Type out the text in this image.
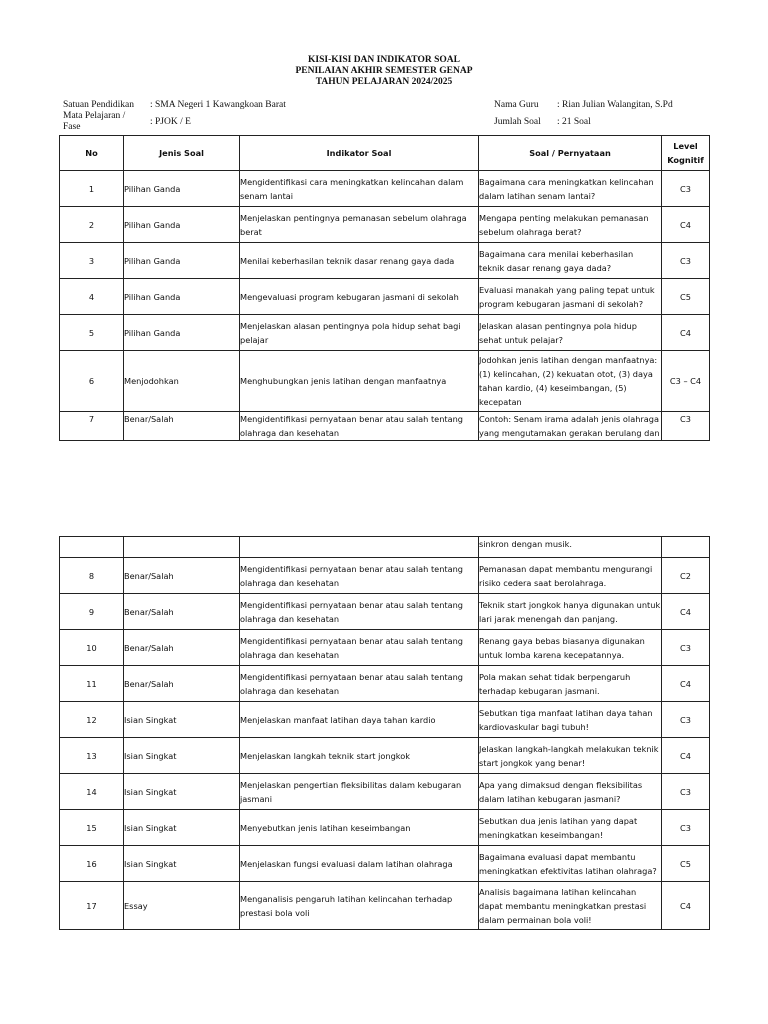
KISI-KISI DAN INDIKATOR SOAL
PENILAIAN AKHIR SEMESTER GENAP
TAHUN PELAJARAN 2024/2025
Satuan Pendidikan : SMA Negeri 1 Kawangkoan Barat
Mata Pelajaran /
Fase	: PJOK / E
Nama Guru : Rian Julian Walangitan, S.Pd
Jumlah Soal : 21 Soal
No	Jenis Soal	Indikator Soal	Soal / Pernyataan	Level
Kognitif

1	Pilihan Ganda	Mengidentifikasi cara meningkatkan kelincahan dalam senam lantai	Bagaimana cara meningkatkan kelincahan dalam latihan senam lantai?	C3
2	Pilihan Ganda	Menjelaskan pentingnya pemanasan sebelum olahraga berat	Mengapa penting melakukan pemanasan sebelum olahraga berat?	C4
3	Pilihan Ganda	Menilai keberhasilan teknik dasar renang gaya dada	Bagaimana cara menilai keberhasilan teknik dasar renang gaya dada?	C3
4	Pilihan Ganda	Mengevaluasi program kebugaran jasmani di sekolah	Evaluasi manakah yang paling tepat untuk program kebugaran jasmani di sekolah?	C5
5	Pilihan Ganda	Menjelaskan alasan pentingnya pola hidup sehat bagi pelajar	Jelaskan alasan pentingnya pola hidup sehat untuk pelajar?	C4
6	Menjodohkan	Menghubungkan jenis latihan dengan manfaatnya	Jodohkan jenis latihan dengan manfaatnya: (1) kelincahan, (2) kekuatan otot, (3) daya tahan kardio, (4) keseimbangan, (5) kecepatan	C3 – C4
7	Benar/Salah	Mengidentifikasi pernyataan benar atau salah tentang olahraga dan kesehatan	Contoh: Senam irama adalah jenis olahraga yang mengutamakan gerakan berulang dan	C3
			sinkron dengan musik.	
8	Benar/Salah	Mengidentifikasi pernyataan benar atau salah tentang olahraga dan kesehatan	Pemanasan dapat membantu mengurangi risiko cedera saat berolahraga.	C2
9	Benar/Salah	Mengidentifikasi pernyataan benar atau salah tentang olahraga dan kesehatan	Teknik start jongkok hanya digunakan untuk lari jarak menengah dan panjang.	C4
10	Benar/Salah	Mengidentifikasi pernyataan benar atau salah tentang olahraga dan kesehatan	Renang gaya bebas biasanya digunakan untuk lomba karena kecepatannya.	C3
11	Benar/Salah	Mengidentifikasi pernyataan benar atau salah tentang olahraga dan kesehatan	Pola makan sehat tidak berpengaruh terhadap kebugaran jasmani.	C4
12	Isian Singkat	Menjelaskan manfaat latihan daya tahan kardio	Sebutkan tiga manfaat latihan daya tahan kardiovaskular bagi tubuh!	C3
13	Isian Singkat	Menjelaskan langkah teknik start jongkok	Jelaskan langkah-langkah melakukan teknik start jongkok yang benar!	C4
14	Isian Singkat	Menjelaskan pengertian fleksibilitas dalam kebugaran jasmani	Apa yang dimaksud dengan fleksibilitas dalam latihan kebugaran jasmani?	C3
15	Isian Singkat	Menyebutkan jenis latihan keseimbangan	Sebutkan dua jenis latihan yang dapat meningkatkan keseimbangan!	C3
16	Isian Singkat	Menjelaskan fungsi evaluasi dalam latihan olahraga	Bagaimana evaluasi dapat membantu meningkatkan efektivitas latihan olahraga?	C5
17	Essay	Menganalisis pengaruh latihan kelincahan terhadap prestasi bola voli	Analisis bagaimana latihan kelincahan dapat membantu meningkatkan prestasi dalam permainan bola voli!	C4
